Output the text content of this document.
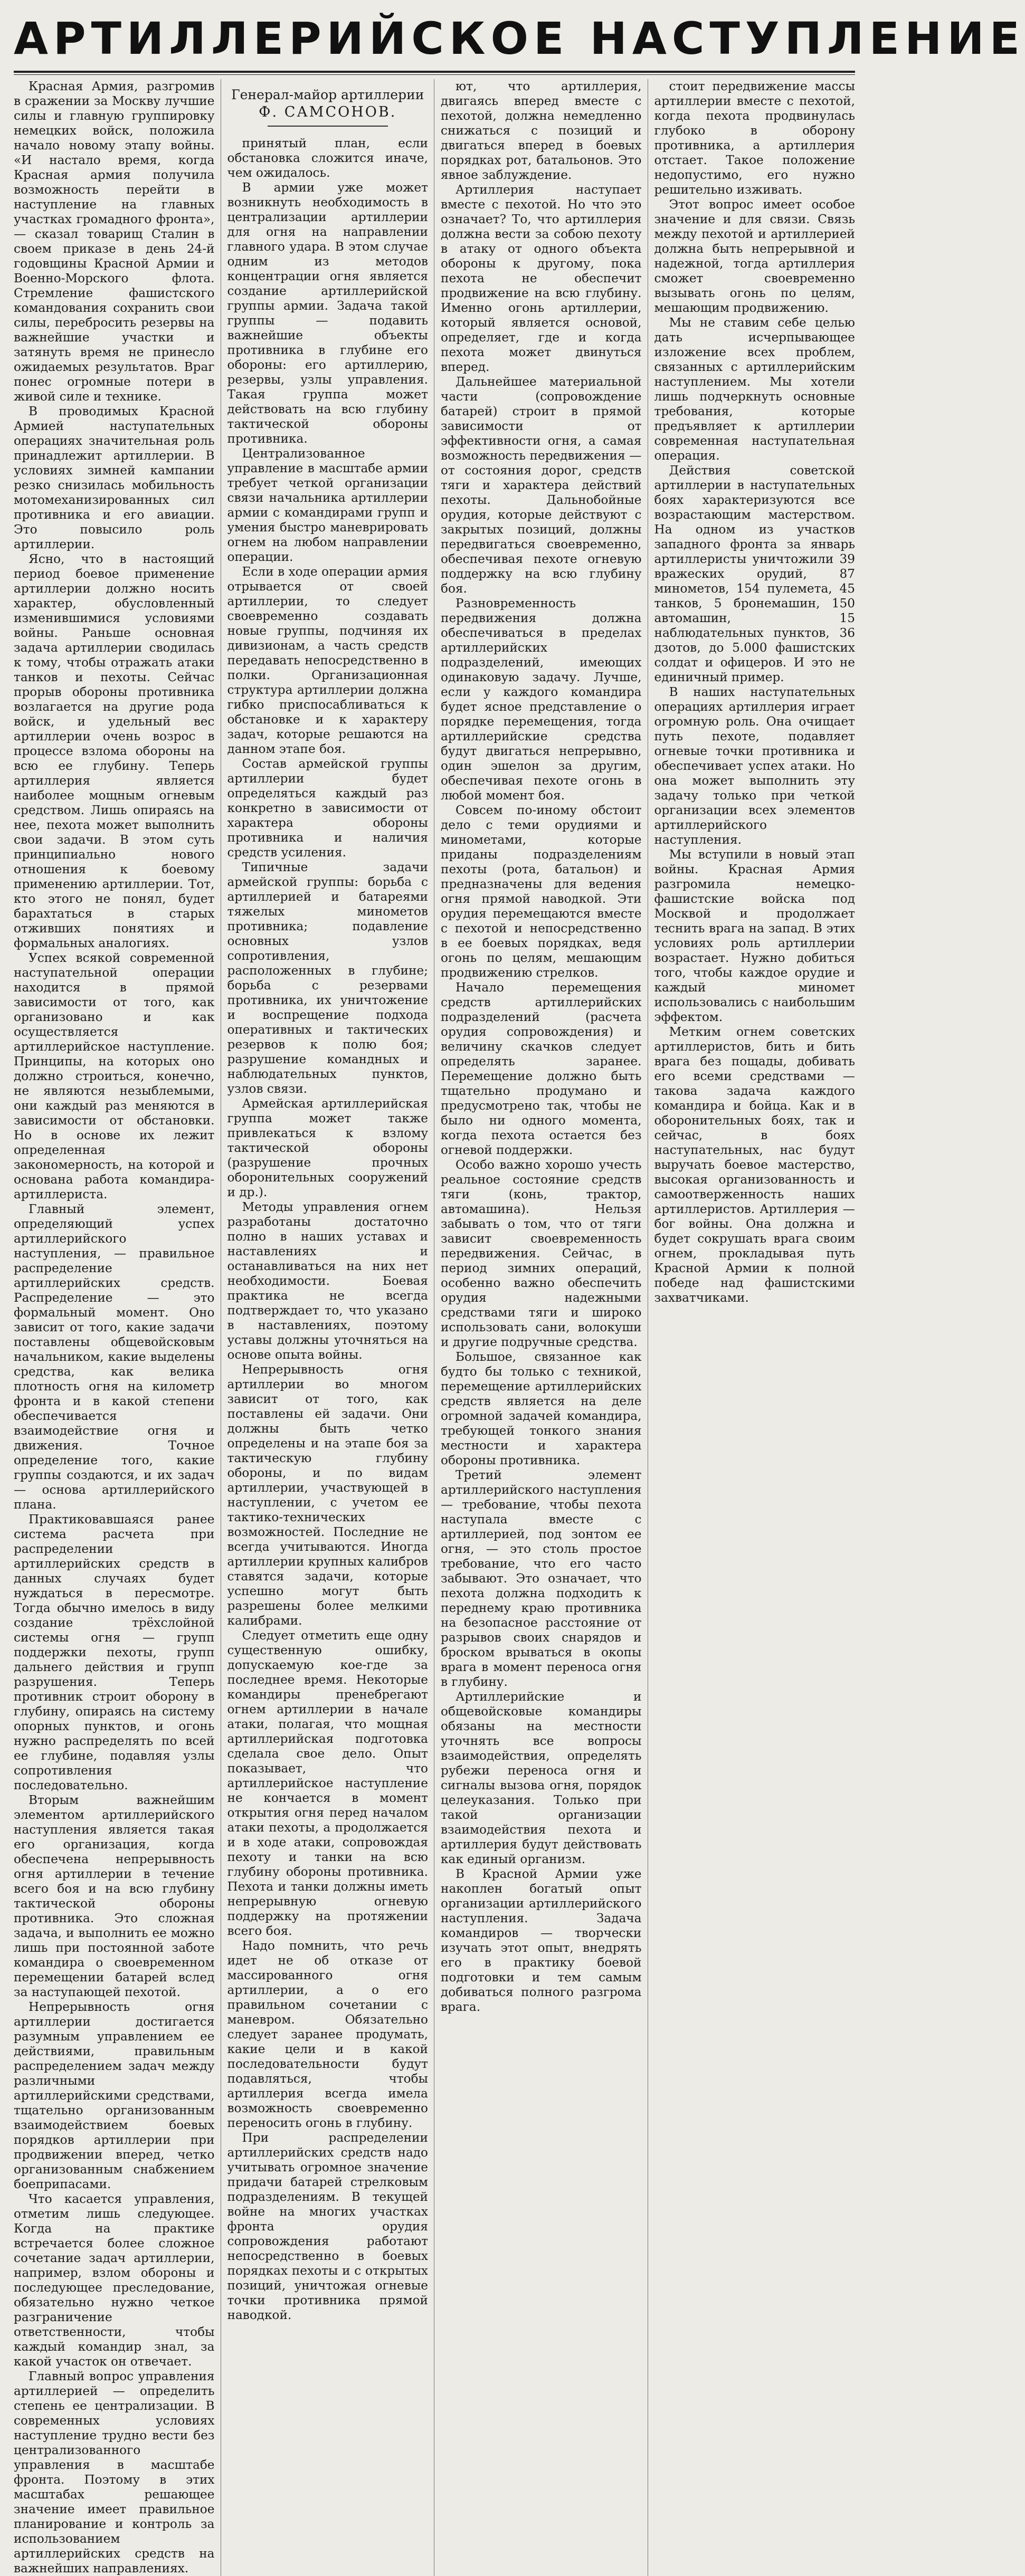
АРТИЛЛЕРИЙСКОЕ НАСТУПЛЕНИЕ

Красная Армия, разгромив в сражении за Москву лучшие силы и главную группировку немецких войск, положила начало новому этапу войны. «И настало время, когда Красная армия получила возможность перейти в наступление на главных участках громадного фронта», — сказал товарищ Сталин в своем приказе в день 24-й годовщины Красной Армии и Военно-Морского флота. Стремление фашистского командования сохранить свои силы, перебросить резервы на важнейшие участки и затянуть время не принесло ожидаемых результатов. Враг понес огромные потери в живой силе и технике.

В проводимых Красной Армией наступательных операциях значительная роль принадлежит артиллерии. В условиях зимней кампании резко снизилась мобильность мотомеханизированных сил противника и его авиации. Это повысило роль артиллерии.

Ясно, что в настоящий период боевое применение артиллерии должно носить характер, обусловленный изменившимися условиями войны. Раньше основная задача артиллерии сводилась к тому, чтобы отражать атаки танков и пехоты. Сейчас прорыв обороны противника возлагается на другие рода войск, и удельный вес артиллерии очень возрос в процессе взлома обороны на всю ее глубину. Теперь артиллерия является наиболее мощным огневым средством. Лишь опираясь на нее, пехота может выполнить свои задачи. В этом суть принципиально нового отношения к боевому применению артиллерии. Тот, кто этого не понял, будет барахтаться в старых отживших понятиях и формальных аналогиях.

Успех всякой современной наступательной операции находится в прямой зависимости от того, как организовано и как осуществляется артиллерийское наступление. Принципы, на которых оно должно строиться, конечно, не являются незыблемыми, они каждый раз меняются в зависимости от обстановки. Но в основе их лежит определенная закономерность, на которой и основана работа командира-артиллериста.

Главный элемент, определяющий успех артиллерийского наступления, — правильное распределение артиллерийских средств. Распределение — это формальный момент. Оно зависит от того, какие задачи поставлены общевойсковым начальником, какие выделены средства, как велика плотность огня на километр фронта и в какой степени обеспечивается взаимодействие огня и движения. Точное определение того, какие группы создаются, и их задач — основа артиллерийского плана.

Практиковавшаяся ранее система расчета при распределении артиллерийских средств в данных случаях будет нуждаться в пересмотре. Тогда обычно имелось в виду создание трёхслойной системы огня — групп поддержки пехоты, групп дальнего действия и групп разрушения. Теперь противник строит оборону в глубину, опираясь на систему опорных пунктов, и огонь нужно распределять по всей ее глубине, подавляя узлы сопротивления последовательно.

Вторым важнейшим элементом артиллерийского наступления является такая его организация, когда обеспечена непрерывность огня артиллерии в течение всего боя и на всю глубину тактической обороны противника. Это сложная задача, и выполнить ее можно лишь при постоянной заботе командира о своевременном перемещении батарей вслед за наступающей пехотой.

Непрерывность огня артиллерии достигается разумным управлением ее действиями, правильным распределением задач между различными артиллерийскими средствами, тщательно организованным взаимодействием боевых порядков артиллерии при продвижении вперед, четко организованным снабжением боеприпасами.

Что касается управления, отметим лишь следующее. Когда на практике встречается более сложное сочетание задач артиллерии, например, взлом обороны и последующее преследование, обязательно нужно четкое разграничение ответственности, чтобы каждый командир знал, за какой участок он отвечает.

Главный вопрос управления артиллерией — определить степень ее централизации. В современных условиях наступление трудно вести без централизованного управления в масштабе фронта. Поэтому в этих масштабах решающее значение имеет правильное планирование и контроль за использованием артиллерийских средств на важнейших направлениях.

Генерал-майор артиллерии
Ф. САМСОНОВ.

принятый план, если обстановка сложится иначе, чем ожидалось.

В армии уже может возникнуть необходимость в централизации артиллерии для огня на направлении главного удара. В этом случае одним из методов концентрации огня является создание артиллерийской группы армии. Задача такой группы — подавить важнейшие объекты противника в глубине его обороны: его артиллерию, резервы, узлы управления. Такая группа может действовать на всю глубину тактической обороны противника.

Централизованное управление в масштабе армии требует четкой организации связи начальника артиллерии армии с командирами групп и умения быстро маневрировать огнем на любом направлении операции.

Если в ходе операции армия отрывается от своей артиллерии, то следует своевременно создавать новые группы, подчиняя их дивизионам, а часть средств передавать непосредственно в полки. Организационная структура артиллерии должна гибко приспосабливаться к обстановке и к характеру задач, которые решаются на данном этапе боя.

Состав армейской группы артиллерии будет определяться каждый раз конкретно в зависимости от характера обороны противника и наличия средств усиления.

Типичные задачи армейской группы: борьба с артиллерией и батареями тяжелых минометов противника; подавление основных узлов сопротивления, расположенных в глубине; борьба с резервами противника, их уничтожение и воспрещение подхода оперативных и тактических резервов к полю боя; разрушение командных и наблюдательных пунктов, узлов связи.

Армейская артиллерийская группа может также привлекаться к взлому тактической обороны (разрушение прочных оборонительных сооружений и др.).

Методы управления огнем разработаны достаточно полно в наших уставах и наставлениях и останавливаться на них нет необходимости. Боевая практика не всегда подтверждает то, что указано в наставлениях, поэтому уставы должны уточняться на основе опыта войны.

Непрерывность огня артиллерии во многом зависит от того, как поставлены ей задачи. Они должны быть четко определены и на этапе боя за тактическую глубину обороны, и по видам артиллерии, участвующей в наступлении, с учетом ее тактико-технических возможностей. Последние не всегда учитываются. Иногда артиллерии крупных калибров ставятся задачи, которые успешно могут быть разрешены более мелкими калибрами.

Следует отметить еще одну существенную ошибку, допускаемую кое-где за последнее время. Некоторые командиры пренебрегают огнем артиллерии в начале атаки, полагая, что мощная артиллерийская подготовка сделала свое дело. Опыт показывает, что артиллерийское наступление не кончается в момент открытия огня перед началом атаки пехоты, а продолжается и в ходе атаки, сопровождая пехоту и танки на всю глубину обороны противника. Пехота и танки должны иметь непрерывную огневую поддержку на протяжении всего боя.

Надо помнить, что речь идет не об отказе от массированного огня артиллерии, а о его правильном сочетании с маневром. Обязательно следует заранее продумать, какие цели и в какой последовательности будут подавляться, чтобы артиллерия всегда имела возможность своевременно переносить огонь в глубину.

При распределении артиллерийских средств надо учитывать огромное значение придачи батарей стрелковым подразделениям. В текущей войне на многих участках фронта орудия сопровождения работают непосредственно в боевых порядках пехоты и с открытых позиций, уничтожая огневые точки противника прямой наводкой.

ют, что артиллерия, двигаясь вперед вместе с пехотой, должна немедленно снижаться с позиций и двигаться вперед в боевых порядках рот, батальонов. Это явное заблуждение.

Артиллерия наступает вместе с пехотой. Но что это означает? То, что артиллерия должна вести за собою пехоту в атаку от одного объекта обороны к другому, пока пехота не обеспечит продвижение на всю глубину. Именно огонь артиллерии, который является основой, определяет, где и когда пехота может двинуться вперед.

Дальнейшее материальной части (сопровождение батарей) строит в прямой зависимости от эффективности огня, а самая возможность передвижения — от состояния дорог, средств тяги и характера действий пехоты. Дальнобойные орудия, которые действуют с закрытых позиций, должны передвигаться своевременно, обеспечивая пехоте огневую поддержку на всю глубину боя.

Разновременность передвижения должна обеспечиваться в пределах артиллерийских подразделений, имеющих одинаковую задачу. Лучше, если у каждого командира будет ясное представление о порядке перемещения, тогда артиллерийские средства будут двигаться непрерывно, один эшелон за другим, обеспечивая пехоте огонь в любой момент боя.

Совсем по-иному обстоит дело с теми орудиями и минометами, которые приданы подразделениям пехоты (рота, батальон) и предназначены для ведения огня прямой наводкой. Эти орудия перемещаются вместе с пехотой и непосредственно в ее боевых порядках, ведя огонь по целям, мешающим продвижению стрелков.

Начало перемещения средств артиллерийских подразделений (расчета орудия сопровождения) и величину скачков следует определять заранее. Перемещение должно быть тщательно продумано и предусмотрено так, чтобы не было ни одного момента, когда пехота остается без огневой поддержки.

Особо важно хорошо учесть реальное состояние средств тяги (конь, трактор, автомашина). Нельзя забывать о том, что от тяги зависит своевременность передвижения. Сейчас, в период зимних операций, особенно важно обеспечить орудия надежными средствами тяги и широко использовать сани, волокуши и другие подручные средства.

Большое, связанное как будто бы только с техникой, перемещение артиллерийских средств является на деле огромной задачей командира, требующей тонкого знания местности и характера обороны противника.

Третий элемент артиллерийского наступления — требование, чтобы пехота наступала вместе с артиллерией, под зонтом ее огня, — это столь простое требование, что его часто забывают. Это означает, что пехота должна подходить к переднему краю противника на безопасное расстояние от разрывов своих снарядов и броском врываться в окопы врага в момент переноса огня в глубину.

Артиллерийские и общевойсковые командиры обязаны на местности уточнять все вопросы взаимодействия, определять рубежи переноса огня и сигналы вызова огня, порядок целеуказания. Только при такой организации взаимодействия пехота и артиллерия будут действовать как единый организм.

В Красной Армии уже накоплен богатый опыт организации артиллерийского наступления. Задача командиров — творчески изучать этот опыт, внедрять его в практику боевой подготовки и тем самым добиваться полного разгрома врага.

стоит передвижение массы артиллерии вместе с пехотой, когда пехота продвинулась глубоко в оборону противника, а артиллерия отстает. Такое положение недопустимо, его нужно решительно изживать.

Этот вопрос имеет особое значение и для связи. Связь между пехотой и артиллерией должна быть непрерывной и надежной, тогда артиллерия сможет своевременно вызывать огонь по целям, мешающим продвижению.

Мы не ставим себе целью дать исчерпывающее изложение всех проблем, связанных с артиллерийским наступлением. Мы хотели лишь подчеркнуть основные требования, которые предъявляет к артиллерии современная наступательная операция.

Действия советской артиллерии в наступательных боях характеризуются все возрастающим мастерством. На одном из участков западного фронта за январь артиллеристы уничтожили 39 вражеских орудий, 87 минометов, 154 пулемета, 45 танков, 5 бронемашин, 150 автомашин, 15 наблюдательных пунктов, 36 дзотов, до 5.000 фашистских солдат и офицеров. И это не единичный пример.

В наших наступательных операциях артиллерия играет огромную роль. Она очищает путь пехоте, подавляет огневые точки противника и обеспечивает успех атаки. Но она может выполнить эту задачу только при четкой организации всех элементов артиллерийского наступления.

Мы вступили в новый этап войны. Красная Армия разгромила немецко-фашистские войска под Москвой и продолжает теснить врага на запад. В этих условиях роль артиллерии возрастает. Нужно добиться того, чтобы каждое орудие и каждый миномет использовались с наибольшим эффектом.

Метким огнем советских артиллеристов, бить и бить врага без пощады, добивать его всеми средствами — такова задача каждого командира и бойца. Как и в оборонительных боях, так и сейчас, в боях наступательных, нас будут выручать боевое мастерство, высокая организованность и самоотверженность наших артиллеристов. Артиллерия — бог войны. Она должна и будет сокрушать врага своим огнем, прокладывая путь Красной Армии к полной победе над фашистскими захватчиками.
